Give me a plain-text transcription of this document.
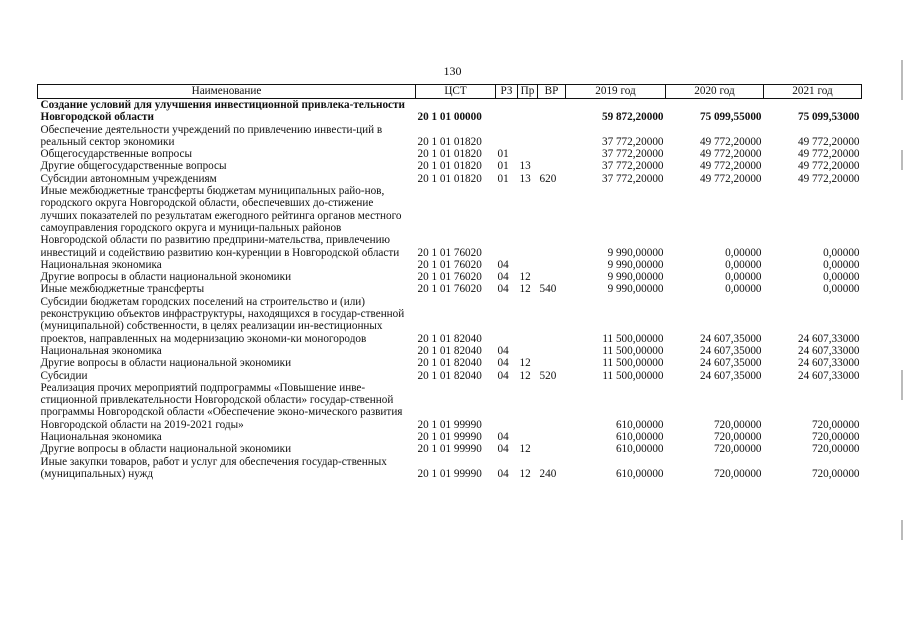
130
Наименование	ЦСТ	РЗ	Пр	ВР	2019 год	2020 год	2021 год
Создание условий для улучшения инвестиционной привлека-тельности Новгородской области	20 1 01 00000				59 872,20000	75 099,55000	75 099,53000
Обеспечение деятельности учреждений по привлечению инвести-ций в реальный сектор экономики	20 1 01 01820				37 772,20000	49 772,20000	49 772,20000
Общегосударственные вопросы	20 1 01 01820	01			37 772,20000	49 772,20000	49 772,20000
Другие общегосударственные вопросы	20 1 01 01820	01	13		37 772,20000	49 772,20000	49 772,20000
Субсидии автономным учреждениям	20 1 01 01820	01	13	620	37 772,20000	49 772,20000	49 772,20000
Иные межбюджетные трансферты бюджетам муниципальных райо-нов, городского округа Новгородской области, обеспечевших до-стижение лучших показателей по результатам ежегодного рейтинга органов местного самоуправления городского округа и муници-пальных районов Новгородской области по развитию предприни-мательства, привлечению инвестиций и содействию развитию кон-куренции в Новгородской области	20 1 01 76020				9 990,00000	0,00000	0,00000
Национальная экономика	20 1 01 76020	04			9 990,00000	0,00000	0,00000
Другие вопросы в области национальной экономики	20 1 01 76020	04	12		9 990,00000	0,00000	0,00000
Иные межбюджетные трансферты	20 1 01 76020	04	12	540	9 990,00000	0,00000	0,00000
Субсидии бюджетам городских поселений на строительство и (или) реконструкцию объектов инфраструктуры, находящихся в государ-ственной (муниципальной) собственности, в целях реализации ин-вестиционных проектов, направленных на модернизацию экономи-ки моногородов	20 1 01 82040				11 500,00000	24 607,35000	24 607,33000
Национальная экономика	20 1 01 82040	04			11 500,00000	24 607,35000	24 607,33000
Другие вопросы в области национальной экономики	20 1 01 82040	04	12		11 500,00000	24 607,35000	24 607,33000
Субсидии	20 1 01 82040	04	12	520	11 500,00000	24 607,35000	24 607,33000
Реализация прочих мероприятий подпрограммы «Повышение инве-стиционной привлекательности Новгородской области» государ-ственной программы Новгородской области «Обеспечение эконо-мического развития Новгородской области на 2019-2021 годы»	20 1 01 99990				610,00000	720,00000	720,00000
Национальная экономика	20 1 01 99990	04			610,00000	720,00000	720,00000
Другие вопросы в области национальной экономики	20 1 01 99990	04	12		610,00000	720,00000	720,00000
Иные закупки товаров, работ и услуг для обеспечения государ-ственных (муниципальных) нужд	20 1 01 99990	04	12	240	610,00000	720,00000	720,00000
